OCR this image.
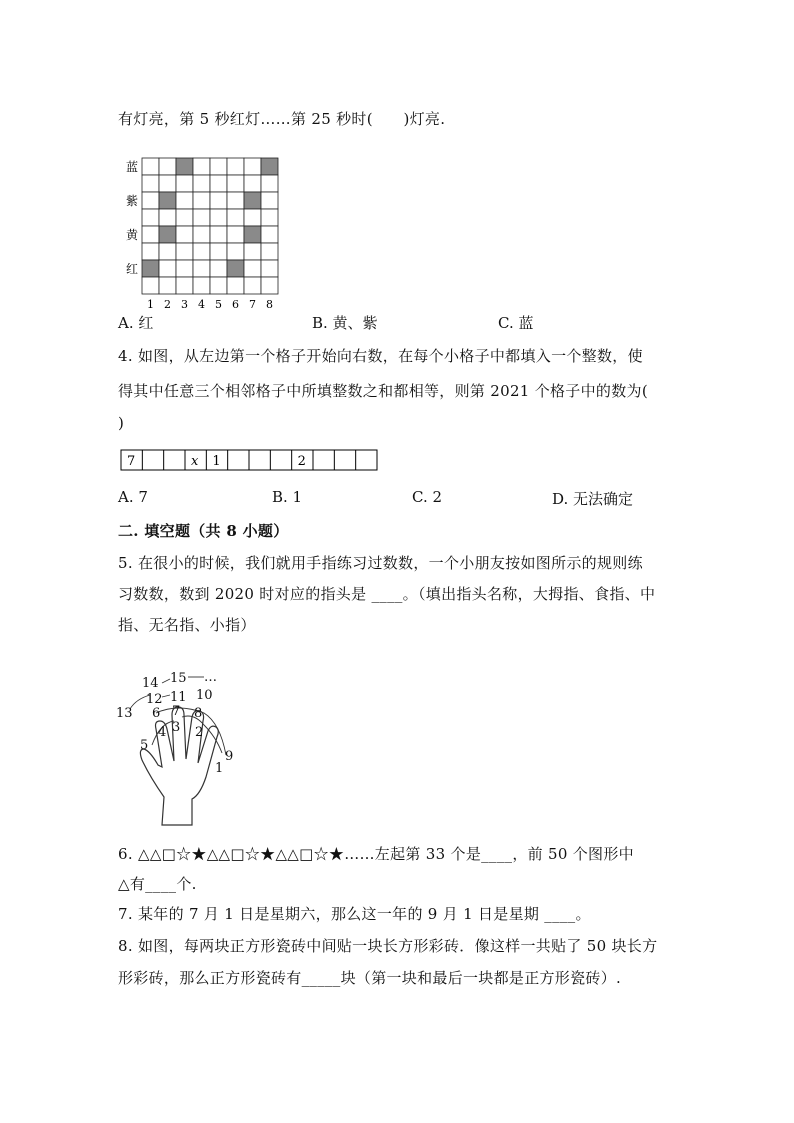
有灯亮，第 5 秒红灯……第 25 秒时(　　)灯亮.
蓝
紫
黄
红
1 2 3 4 5 6 7 8
A. 红	B. 黄、紫	C. 蓝
4. 如图，从左边第一个格子开始向右数，在每个小格子中都填入一个整数，使
得其中任意三个相邻格子中所填整数之和都相等，则第 2021 个格子中的数为(
)
7	x 1	2
A. 7	B. 1	C. 2	D. 无法确定
二. 填空题（共 8 小题）
5. 在很小的时候，我们就用手指练习过数数，一个小朋友按如图所示的规则练
习数数，数到 2020 时对应的指头是 ____。（填出指头名称，大拇指、食指、中
指、无名指、小指）
1
2
3
4
5
6 7 8
9
10
11
12
13
14 15 …
6. △△□☆★△△□☆★△△□☆★……左起第 33 个是____，前 50 个图形中
△有____个.
7. 某年的 7 月 1 日是星期六，那么这一年的 9 月 1 日是星期 ____。
8. 如图，每两块正方形瓷砖中间贴一块长方形彩砖．像这样一共贴了 50 块长方
形彩砖，那么正方形瓷砖有_____块（第一块和最后一块都是正方形瓷砖）.
